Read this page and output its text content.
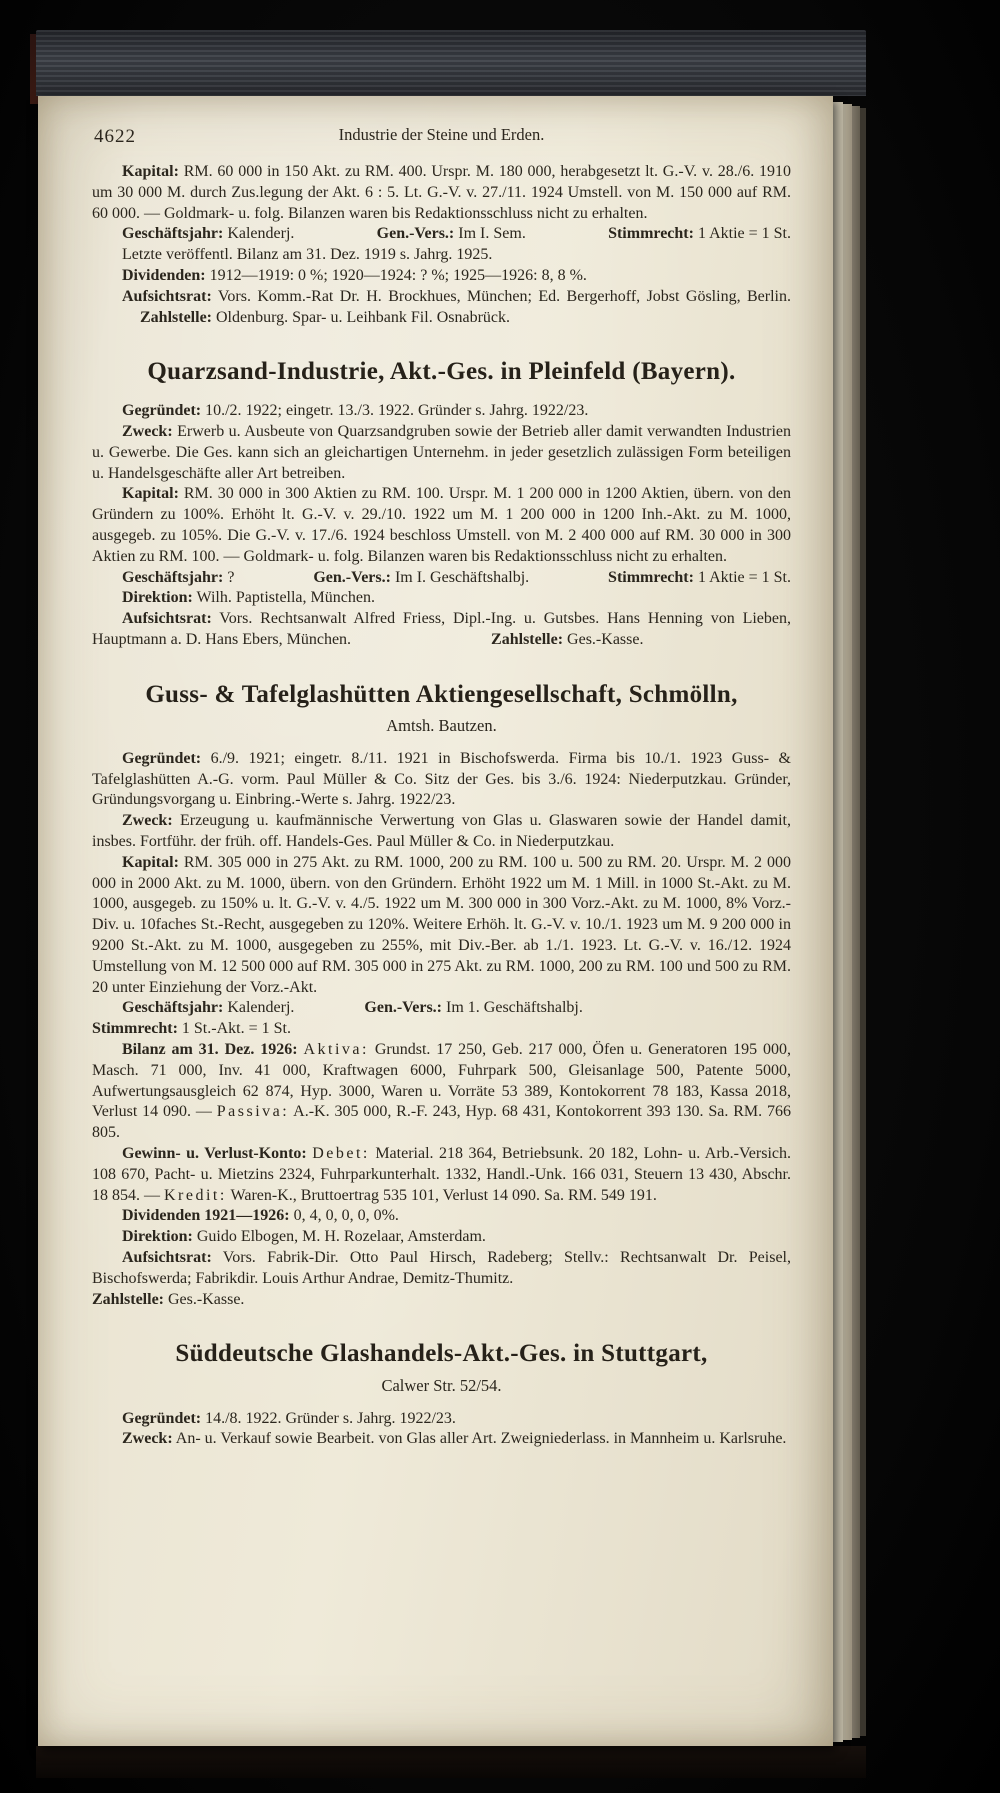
4622	Industrie der Steine und Erden.

Kapital: RM. 60 000 in 150 Akt. zu RM. 400. Urspr. M. 180 000, herabgesetzt lt. G.-V. v. 28./6. 1910 um 30 000 M. durch Zus.legung der Akt. 6 : 5. Lt. G.-V. v. 27./11. 1924 Umstell. von M. 150 000 auf RM. 60 000. — Goldmark- u. folg. Bilanzen waren bis Redaktionsschluss nicht zu erhalten.

Geschäftsjahr: Kalenderj.	Gen.-Vers.: Im I. Sem.	Stimmrecht: 1 Aktie = 1 St.

Letzte veröffentl. Bilanz am 31. Dez. 1919 s. Jahrg. 1925.

Dividenden: 1912—1919: 0 %; 1920—1924: ? %; 1925—1926: 8, 8 %.

Aufsichtsrat: Vors. Komm.-Rat Dr. H. Brockhues, München; Ed. Bergerhoff, Jobst Gösling, Berlin.Zahlstelle: Oldenburg. Spar- u. Leihbank Fil. Osnabrück.

Quarzsand-Industrie, Akt.-Ges. in Pleinfeld (Bayern).

Gegründet: 10./2. 1922; eingetr. 13./3. 1922. Gründer s. Jahrg. 1922/23.

Zweck: Erwerb u. Ausbeute von Quarzsandgruben sowie der Betrieb aller damit verwandten Industrien u. Gewerbe. Die Ges. kann sich an gleichartigen Unternehm. in jeder gesetzlich zulässigen Form beteiligen u. Handelsgeschäfte aller Art betreiben.

Kapital: RM. 30 000 in 300 Aktien zu RM. 100. Urspr. M. 1 200 000 in 1200 Aktien, übern. von den Gründern zu 100%. Erhöht lt. G.-V. v. 29./10. 1922 um M. 1 200 000 in 1200 Inh.-Akt. zu M. 1000, ausgegeb. zu 105%. Die G.-V. v. 17./6. 1924 beschloss Umstell. von M. 2 400 000 auf RM. 30 000 in 300 Aktien zu RM. 100. — Goldmark- u. folg. Bilanzen waren bis Redaktionsschluss nicht zu erhalten.

Geschäftsjahr: ?	Gen.-Vers.: Im I. Geschäftshalbj.	Stimmrecht: 1 Aktie = 1 St.

Direktion: Wilh. Paptistella, München.

Aufsichtsrat: Vors. Rechtsanwalt Alfred Friess, Dipl.-Ing. u. Gutsbes. Hans Henning von Lieben, Hauptmann a. D. Hans Ebers, München.	Zahlstelle: Ges.-Kasse.

Guss- & Tafelglashütten Aktiengesellschaft, Schmölln,

Amtsh. Bautzen.

Gegründet: 6./9. 1921; eingetr. 8./11. 1921 in Bischofswerda. Firma bis 10./1. 1923 Guss- & Tafelglashütten A.-G. vorm. Paul Müller & Co. Sitz der Ges. bis 3./6. 1924: Niederputzkau. Gründer, Gründungsvorgang u. Einbring.-Werte s. Jahrg. 1922/23.

Zweck: Erzeugung u. kaufmännische Verwertung von Glas u. Glaswaren sowie der Handel damit, insbes. Fortführ. der früh. off. Handels-Ges. Paul Müller & Co. in Niederputzkau.

Kapital: RM. 305 000 in 275 Akt. zu RM. 1000, 200 zu RM. 100 u. 500 zu RM. 20. Urspr. M. 2 000 000 in 2000 Akt. zu M. 1000, übern. von den Gründern. Erhöht 1922 um M. 1 Mill. in 1000 St.-Akt. zu M. 1000, ausgegeb. zu 150% u. lt. G.-V. v. 4./5. 1922 um M. 300 000 in 300 Vorz.-Akt. zu M. 1000, 8% Vorz.-Div. u. 10faches St.-Recht, ausgegeben zu 120%. Weitere Erhöh. lt. G.-V. v. 10./1. 1923 um M. 9 200 000 in 9200 St.-Akt. zu M. 1000, ausgegeben zu 255%, mit Div.-Ber. ab 1./1. 1923. Lt. G.-V. v. 16./12. 1924 Umstellung von M. 12 500 000 auf RM. 305 000 in 275 Akt. zu RM. 1000, 200 zu RM. 100 und 500 zu RM. 20 unter Einziehung der Vorz.-Akt.

Geschäftsjahr: Kalenderj.	Gen.-Vers.: Im 1. Geschäftshalbj.

Stimmrecht: 1 St.-Akt. = 1 St.

Bilanz am 31. Dez. 1926: Aktiva: Grundst. 17 250, Geb. 217 000, Öfen u. Generatoren 195 000, Masch. 71 000, Inv. 41 000, Kraftwagen 6000, Fuhrpark 500, Gleisanlage 500, Patente 5000, Aufwertungsausgleich 62 874, Hyp. 3000, Waren u. Vorräte 53 389, Kontokorrent 78 183, Kassa 2018, Verlust 14 090. — Passiva: A.-K. 305 000, R.-F. 243, Hyp. 68 431, Kontokorrent 393 130. Sa. RM. 766 805.

Gewinn- u. Verlust-Konto: Debet: Material. 218 364, Betriebsunk. 20 182, Lohn- u. Arb.-Versich. 108 670, Pacht- u. Mietzins 2324, Fuhrparkunterhalt. 1332, Handl.-Unk. 166 031, Steuern 13 430, Abschr. 18 854. — Kredit: Waren-K., Bruttoertrag 535 101, Verlust 14 090. Sa. RM. 549 191.

Dividenden 1921—1926: 0, 4, 0, 0, 0, 0%.

Direktion: Guido Elbogen, M. H. Rozelaar, Amsterdam.

Aufsichtsrat: Vors. Fabrik-Dir. Otto Paul Hirsch, Radeberg; Stellv.: Rechtsanwalt Dr. Peisel, Bischofswerda; Fabrikdir. Louis Arthur Andrae, Demitz-Thumitz.

Zahlstelle: Ges.-Kasse.

Süddeutsche Glashandels-Akt.-Ges. in Stuttgart,

Calwer Str. 52/54.

Gegründet: 14./8. 1922. Gründer s. Jahrg. 1922/23.

Zweck: An- u. Verkauf sowie Bearbeit. von Glas aller Art. Zweigniederlass. in Mannheim u. Karlsruhe.
